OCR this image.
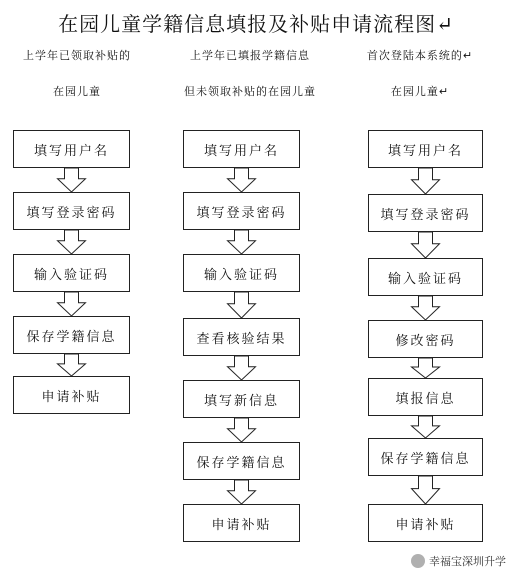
在园儿童学籍信息填报及补贴申请流程图↵
上学年已领取补贴的
在园儿童
上学年已填报学籍信息
但未领取补贴的在园儿童
首次登陆本系统的↵
在园儿童↵
填写用户名
填写登录密码
输入验证码
保存学籍信息
申请补贴
填写用户名
填写登录密码
输入验证码
查看核验结果
填写新信息
保存学籍信息
申请补贴
填写用户名
填写登录密码
输入验证码
修改密码
填报信息
保存学籍信息
申请补贴
幸福宝深圳升学
